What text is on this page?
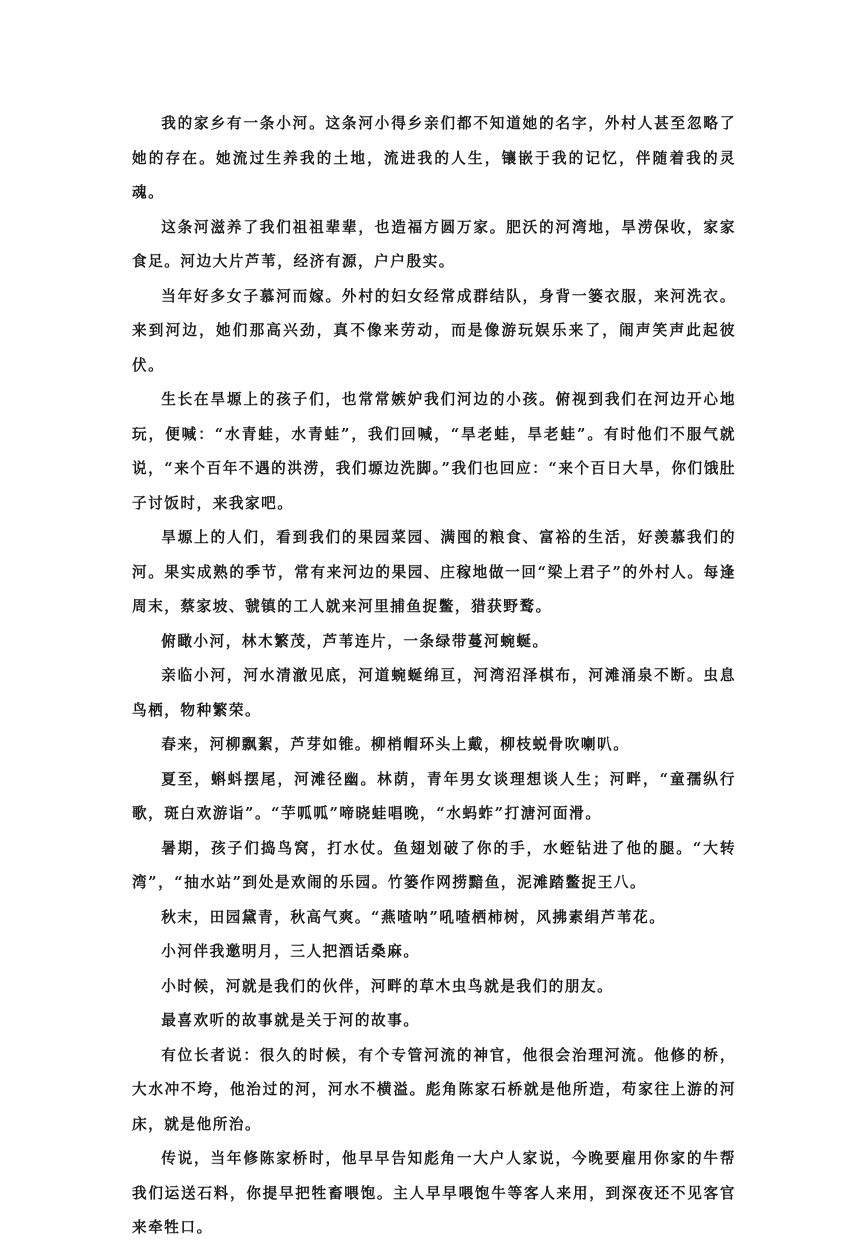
我的家乡有一条小河。这条河小得乡亲们都不知道她的名字，外村人甚至忽略了她的存在。她流过生养我的土地，流进我的人生，镶嵌于我的记忆，伴随着我的灵魂。

这条河滋养了我们祖祖辈辈，也造福方圆万家。肥沃的河湾地，旱涝保收，家家食足。河边大片芦苇，经济有源，户户殷实。

当年好多女子慕河而嫁。外村的妇女经常成群结队，身背一篓衣服，来河洗衣。来到河边，她们那高兴劲，真不像来劳动，而是像游玩娱乐来了，闹声笑声此起彼伏。

生长在旱塬上的孩子们，也常常嫉妒我们河边的小孩。俯视到我们在河边开心地玩，便喊：“水青蛙，水青蛙”，我们回喊，“旱老蛙，旱老蛙”。有时他们不服气就说，“来个百年不遇的洪涝，我们塬边洗脚。”我们也回应：“来个百日大旱，你们饿肚子讨饭时，来我家吧。

旱塬上的人们，看到我们的果园菜园、满囤的粮食、富裕的生活，好羡慕我们的河。果实成熟的季节，常有来河边的果园、庄稼地做一回“梁上君子”的外村人。每逢周末，蔡家坡、虢镇的工人就来河里捕鱼捉鳖，猎获野鹜。

俯瞰小河，林木繁茂，芦苇连片，一条绿带蔓河蜿蜒。

亲临小河，河水清澈见底，河道蜿蜒绵亘，河湾沼泽棋布，河滩涌泉不断。虫息鸟栖，物种繁荣。

春来，河柳飘絮，芦芽如锥。柳梢帽环头上戴，柳枝蜕骨吹喇叭。

夏至，蝌蚪摆尾，河滩径幽。林荫，青年男女谈理想谈人生；河畔，“童孺纵行歌，斑白欢游诣”。“芋呱呱”啼晓蛙唱晚，“水蚂蚱”打溏河面滑。

暑期，孩子们捣鸟窝，打水仗。鱼翅划破了你的手，水蛭钻进了他的腿。“大转湾”，“抽水站”到处是欢闹的乐园。竹篓作网捞黯鱼，泥滩踏鳖捉王八。

秋末，田园黛青，秋高气爽。“燕喳呐”吼喳栖柿树，风拂素绢芦苇花。

小河伴我邀明月，三人把酒话桑麻。

小时候，河就是我们的伙伴，河畔的草木虫鸟就是我们的朋友。

最喜欢听的故事就是关于河的故事。

有位长者说：很久的时候，有个专管河流的神官，他很会治理河流。他修的桥，大水冲不垮，他治过的河，河水不横溢。彪角陈家石桥就是他所造，苟家往上游的河床，就是他所治。

传说，当年修陈家桥时，他早早告知彪角一大户人家说，今晚要雇用你家的牛帮我们运送石料，你提早把牲畜喂饱。主人早早喂饱牛等客人来用，到深夜还不见客官来牵牲口。
